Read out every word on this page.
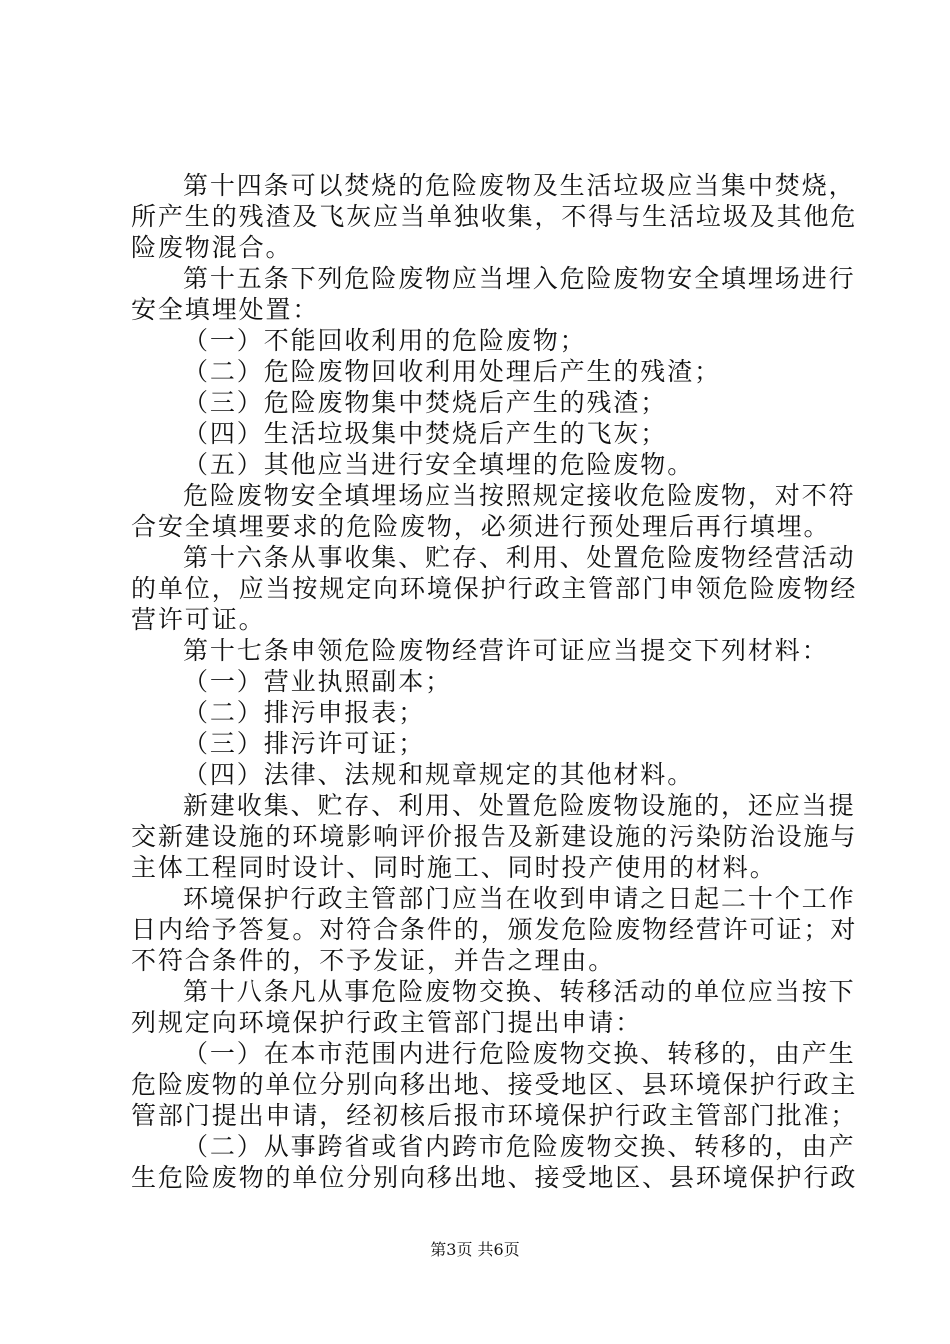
第十四条可以焚烧的危险废物及生活垃圾应当集中焚烧，
所产生的残渣及飞灰应当单独收集，不得与生活垃圾及其他危
险废物混合。
第十五条下列危险废物应当埋入危险废物安全填埋场进行
安全填埋处置：
（一）不能回收利用的危险废物；
（二）危险废物回收利用处理后产生的残渣；
（三）危险废物集中焚烧后产生的残渣；
（四）生活垃圾集中焚烧后产生的飞灰；
（五）其他应当进行安全填埋的危险废物。
危险废物安全填埋场应当按照规定接收危险废物，对不符
合安全填埋要求的危险废物，必须进行预处理后再行填埋。
第十六条从事收集、贮存、利用、处置危险废物经营活动
的单位，应当按规定向环境保护行政主管部门申领危险废物经
营许可证。
第十七条申领危险废物经营许可证应当提交下列材料：
（一）营业执照副本；
（二）排污申报表；
（三）排污许可证；
（四）法律、法规和规章规定的其他材料。
新建收集、贮存、利用、处置危险废物设施的，还应当提
交新建设施的环境影响评价报告及新建设施的污染防治设施与
主体工程同时设计、同时施工、同时投产使用的材料。
环境保护行政主管部门应当在收到申请之日起二十个工作
日内给予答复。对符合条件的，颁发危险废物经营许可证；对
不符合条件的，不予发证，并告之理由。
第十八条凡从事危险废物交换、转移活动的单位应当按下
列规定向环境保护行政主管部门提出申请：
（一）在本市范围内进行危险废物交换、转移的，由产生
危险废物的单位分别向移出地、接受地区、县环境保护行政主
管部门提出申请，经初核后报市环境保护行政主管部门批准；
（二）从事跨省或省内跨市危险废物交换、转移的，由产
生危险废物的单位分别向移出地、接受地区、县环境保护行政
第3页 共6页
